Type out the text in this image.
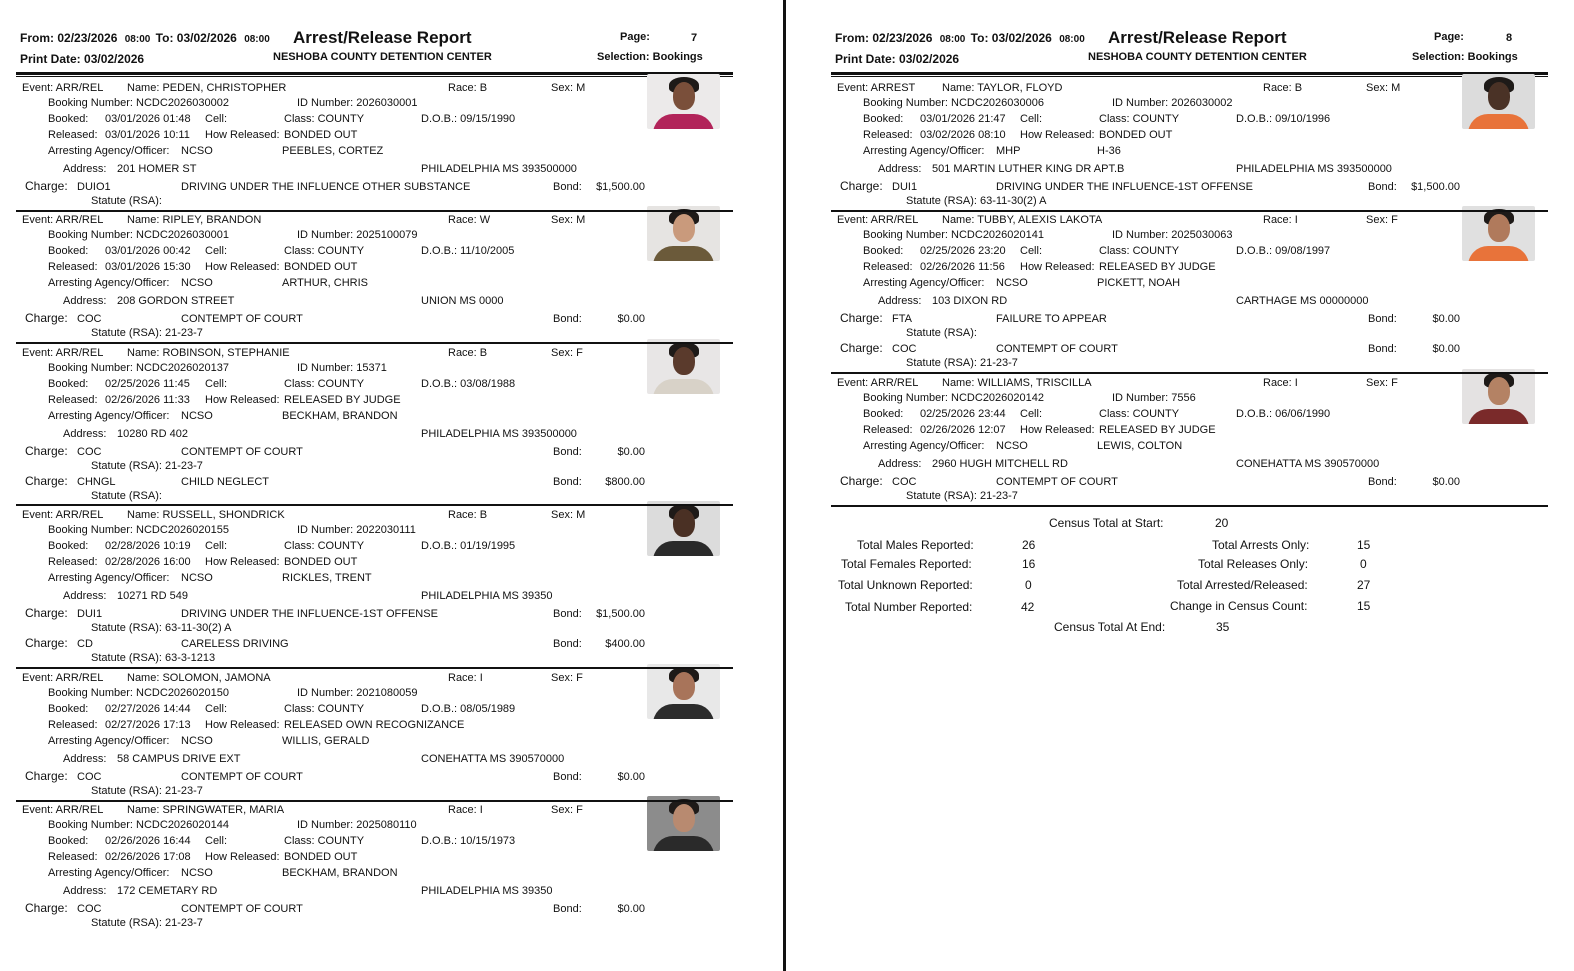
From: 02/23/2026 08:00 To: 03/02/2026 08:00 Arrest/Release Report	Page:	7
Print Date: 03/02/2026	NESHOBA COUNTY DETENTION CENTER	Selection: Bookings
Event: ARR/REL Name: PEDEN, CHRISTOPHER	Race: B	Sex: M
Booking Number: NCDC2026030002	ID Number: 2026030001
Booked: 03/01/2026 01:48 Cell:	Class: COUNTY	D.O.B.: 09/15/1990
Released: 03/01/2026 10:11 How Released: BONDED OUT
Arresting Agency/Officer: NCSO	PEEBLES, CORTEZ
Address: 201 HOMER ST	PHILADELPHIA MS 393500000
Charge: DUIO1	DRIVING UNDER THE INFLUENCE OTHER SUBSTANCE	Bond: $1,500.00
Statute (RSA):
Event: ARR/REL Name: RIPLEY, BRANDON	Race: W	Sex: M
Booking Number: NCDC2026030001	ID Number: 2025100079
Booked: 03/01/2026 00:42 Cell:	Class: COUNTY	D.O.B.: 11/10/2005
Released: 03/01/2026 15:30 How Released: BONDED OUT
Arresting Agency/Officer: NCSO	ARTHUR, CHRIS
Address: 208 GORDON STREET	UNION MS 0000
Charge: COC	CONTEMPT OF COURT	Bond:	$0.00
Statute (RSA): 21-23-7
Event: ARR/REL Name: ROBINSON, STEPHANIE	Race: B	Sex: F
Booking Number: NCDC2026020137	ID Number: 15371
Booked: 02/25/2026 11:45 Cell:	Class: COUNTY	D.O.B.: 03/08/1988
Released: 02/26/2026 11:33 How Released: RELEASED BY JUDGE
Arresting Agency/Officer: NCSO	BECKHAM, BRANDON
Address: 10280 RD 402	PHILADELPHIA MS 393500000
Charge: COC	CONTEMPT OF COURT	Bond:	$0.00
Statute (RSA): 21-23-7
Charge: CHNGL	CHILD NEGLECT	Bond: $800.00
Statute (RSA):
Event: ARR/REL Name: RUSSELL, SHONDRICK	Race: B	Sex: M
Booking Number: NCDC2026020155	ID Number: 2022030111
Booked: 02/28/2026 10:19 Cell:	Class: COUNTY	D.O.B.: 01/19/1995
Released: 02/28/2026 16:00 How Released: BONDED OUT
Arresting Agency/Officer: NCSO	RICKLES, TRENT
Address: 10271 RD 549	PHILADELPHIA MS 39350
Charge: DUI1	DRIVING UNDER THE INFLUENCE-1ST OFFENSE	Bond: $1,500.00
Statute (RSA): 63-11-30(2) A
Charge: CD	CARELESS DRIVING	Bond: $400.00
Statute (RSA): 63-3-1213
Event: ARR/REL Name: SOLOMON, JAMONA	Race: I	Sex: F
Booking Number: NCDC2026020150	ID Number: 2021080059
Booked: 02/27/2026 14:44 Cell:	Class: COUNTY	D.O.B.: 08/05/1989
Released: 02/27/2026 17:13 How Released: RELEASED OWN RECOGNIZANCE
Arresting Agency/Officer: NCSO	WILLIS, GERALD
Address: 58 CAMPUS DRIVE EXT	CONEHATTA MS 390570000
Charge: COC	CONTEMPT OF COURT	Bond:	$0.00
Statute (RSA): 21-23-7
Event: ARR/REL Name: SPRINGWATER, MARIA	Race: I	Sex: F
Booking Number: NCDC2026020144	ID Number: 2025080110
Booked: 02/26/2026 16:44 Cell:	Class: COUNTY	D.O.B.: 10/15/1973
Released: 02/26/2026 17:08 How Released: BONDED OUT
Arresting Agency/Officer: NCSO	BECKHAM, BRANDON
Address: 172 CEMETARY RD	PHILADELPHIA MS 39350
Charge: COC	CONTEMPT OF COURT	Bond:	$0.00
Statute (RSA): 21-23-7
From: 02/23/2026 08:00 To: 03/02/2026 08:00 Arrest/Release Report	Page:	8
Print Date: 03/02/2026	NESHOBA COUNTY DETENTION CENTER	Selection: Bookings
Event: ARREST Name: TAYLOR, FLOYD	Race: B	Sex: M
Booking Number: NCDC2026030006	ID Number: 2026030002
Booked: 03/01/2026 21:47 Cell:	Class: COUNTY	D.O.B.: 09/10/1996
Released: 03/02/2026 08:10 How Released: BONDED OUT
Arresting Agency/Officer: MHP	H-36
Address: 501 MARTIN LUTHER KING DR APT.B	PHILADELPHIA MS 393500000
Charge: DUI1	DRIVING UNDER THE INFLUENCE-1ST OFFENSE	Bond: $1,500.00
Statute (RSA): 63-11-30(2) A
Event: ARR/REL Name: TUBBY, ALEXIS LAKOTA	Race: I	Sex: F
Booking Number: NCDC2026020141	ID Number: 2025030063
Booked: 02/25/2026 23:20 Cell:	Class: COUNTY	D.O.B.: 09/08/1997
Released: 02/26/2026 11:56 How Released: RELEASED BY JUDGE
Arresting Agency/Officer: NCSO	PICKETT, NOAH
Address: 103 DIXON RD	CARTHAGE MS 00000000
Charge: FTA	FAILURE TO APPEAR	Bond:	$0.00
Statute (RSA):
Charge: COC	CONTEMPT OF COURT	Bond:	$0.00
Statute (RSA): 21-23-7
Event: ARR/REL Name: WILLIAMS, TRISCILLA	Race: I	Sex: F
Booking Number: NCDC2026020142	ID Number: 7556
Booked: 02/25/2026 23:44 Cell:	Class: COUNTY	D.O.B.: 06/06/1990
Released: 02/26/2026 12:07 How Released: RELEASED BY JUDGE
Arresting Agency/Officer: NCSO	LEWIS, COLTON
Address: 2960 HUGH MITCHELL RD	CONEHATTA MS 390570000
Charge: COC	CONTEMPT OF COURT	Bond:	$0.00
Statute (RSA): 21-23-7
Census Total at Start:	20
Total Males Reported:	26	Total Arrests Only:	15
Total Females Reported:	16	Total Releases Only:	0
Total Unknown Reported:	0	Total Arrested/Released:	27
Total Number Reported:	42	Change in Census Count:	15
Census Total At End:	35
